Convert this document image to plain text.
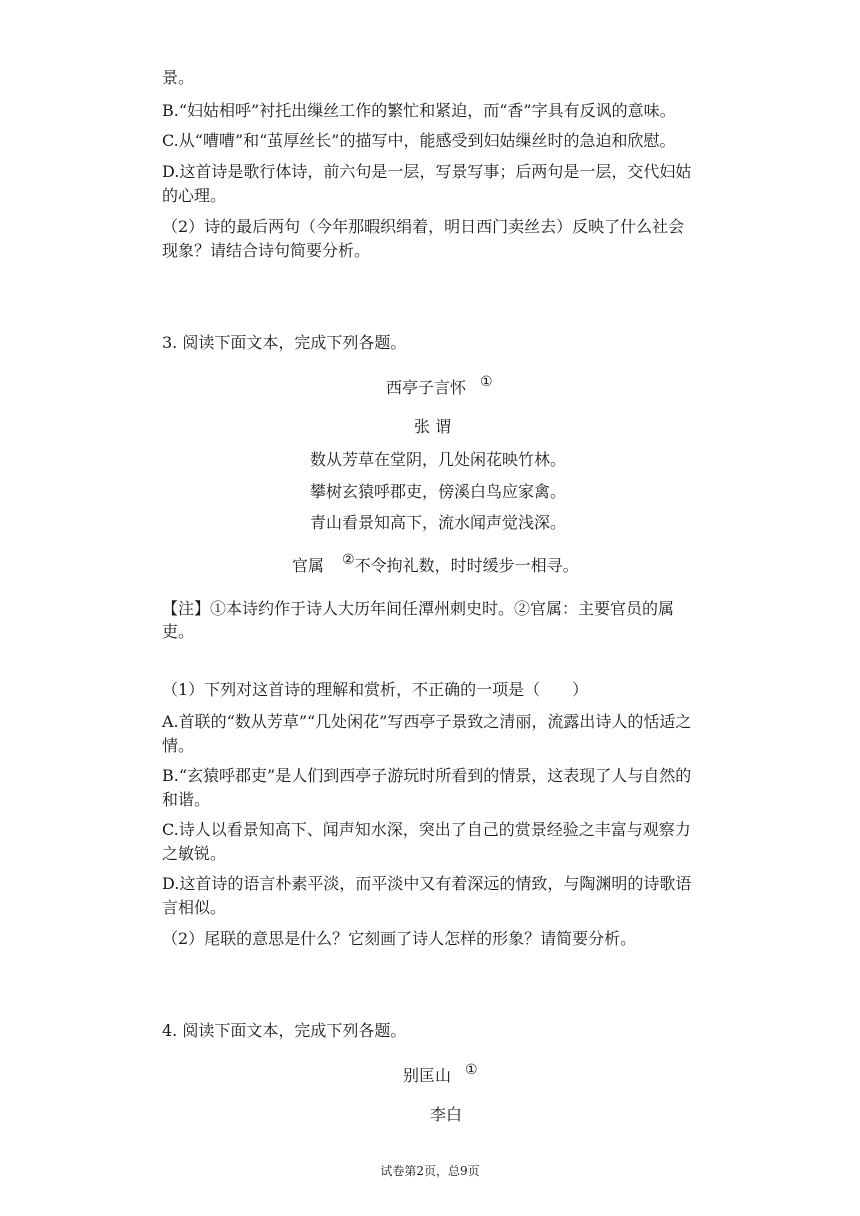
景。
B.“妇姑相呼”衬托出缫丝工作的繁忙和紧迫，而“香”字具有反讽的意味。
C.从“嘈嘈”和“茧厚丝长”的描写中，能感受到妇姑缫丝时的急迫和欣慰。
D.这首诗是歌行体诗，前六句是一层，写景写事；后两句是一层，交代妇姑
的心理。
（2）诗的最后两句（今年那暇织绢着，明日西门卖丝去）反映了什么社会
现象？请结合诗句简要分析。
3. 阅读下面文本，完成下列各题。
西亭子言怀 ①
张 谓
数从芳草在堂阴，几处闲花映竹林。
攀树玄猿呼郡吏，傍溪白鸟应家禽。
青山看景知高下，流水闻声觉浅深。
官属 ②不令拘礼数，时时缓步一相寻。
【注】①本诗约作于诗人大历年间任潭州刺史时。②官属：主要官员的属
吏。
（1）下列对这首诗的理解和赏析，不正确的一项是（　　）
A.首联的“数从芳草”“几处闲花”写西亭子景致之清丽，流露出诗人的恬适之
情。
B.“玄猿呼郡吏”是人们到西亭子游玩时所看到的情景，这表现了人与自然的
和谐。
C.诗人以看景知高下、闻声知水深，突出了自己的赏景经验之丰富与观察力
之敏锐。
D.这首诗的语言朴素平淡，而平淡中又有着深远的情致，与陶渊明的诗歌语
言相似。
（2）尾联的意思是什么？它刻画了诗人怎样的形象？请简要分析。
4. 阅读下面文本，完成下列各题。
别匡山 ①
李白
试卷第2页，总9页
